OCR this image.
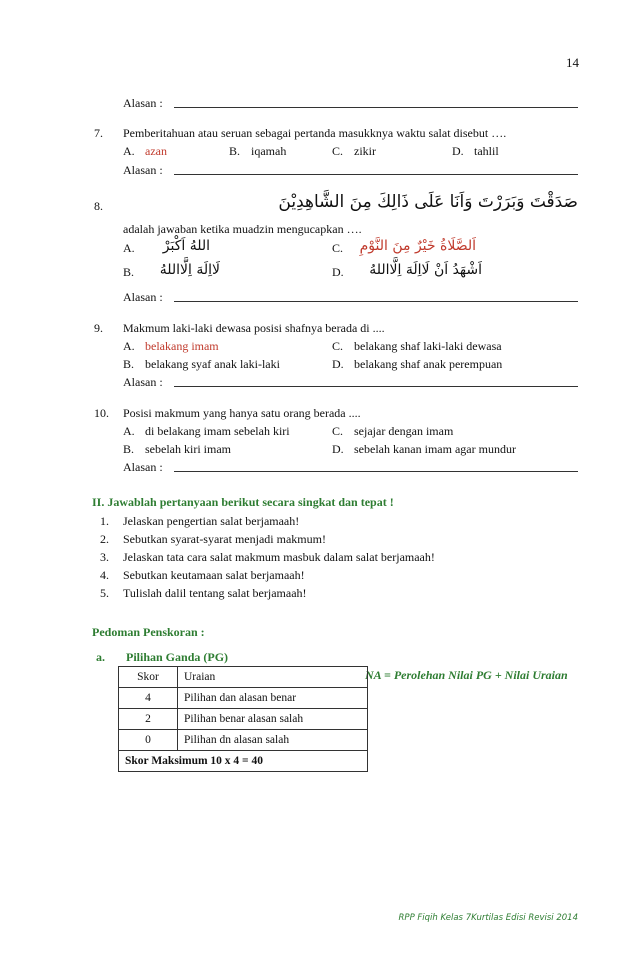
14
Alasan :
7. Pemberitahuan atau seruan sebagai pertanda masukknya waktu salat disebut ….
A. azan	B. iqamah	C. zikir	D. tahlil
Alasan :
8.	صَدَقْتَ وَبَرَرْتَ وَاَنَا عَلَى ذَالِكَ مِنَ الشَّاهِدِيْنَ
adalah jawaban ketika muadzin mengucapkan ….
A.	اللهُ اَكْبَرْ
B.	لَااِلَهَ اِلَّااللهُ
C. اَلصَّلَاةُ خَيْرٌ مِنَ النَّوْمِ
D.	اَشْهَدُ اَنْ لَااِلَهَ اِلَّااللهُ
Alasan :
9. Makmum laki-laki dewasa posisi shafnya berada di ....
A. belakang imam
B. belakang syaf anak laki-laki
C. belakang shaf laki-laki dewasa
D. belakang shaf anak perempuan
Alasan :
10. Posisi makmum yang hanya satu orang berada ....
A. di belakang imam sebelah kiri
B. sebelah kiri imam
C. sejajar dengan imam
D. sebelah kanan imam agar mundur
Alasan :
II. Jawablah pertanyaan berikut secara singkat dan tepat !
1. Jelaskan pengertian salat berjamaah!
2. Sebutkan syarat-syarat menjadi makmum!
3. Jelaskan tata cara salat makmum masbuk dalam salat berjamaah!
4. Sebutkan keutamaan salat berjamaah!
5. Tulislah dalil tentang salat berjamaah!
Pedoman Penskoran :
a. Pilihan Ganda (PG)
NA = Perolehan Nilai PG + Nilai Uraian
Skor	Uraian
4	Pilihan dan alasan benar
2	Pilihan benar alasan salah
0	Pilihan dn alasan salah
Skor Maksimum 10 x 4 = 40	
RPP Fiqih Kelas 7Kurtilas Edisi Revisi 2014
